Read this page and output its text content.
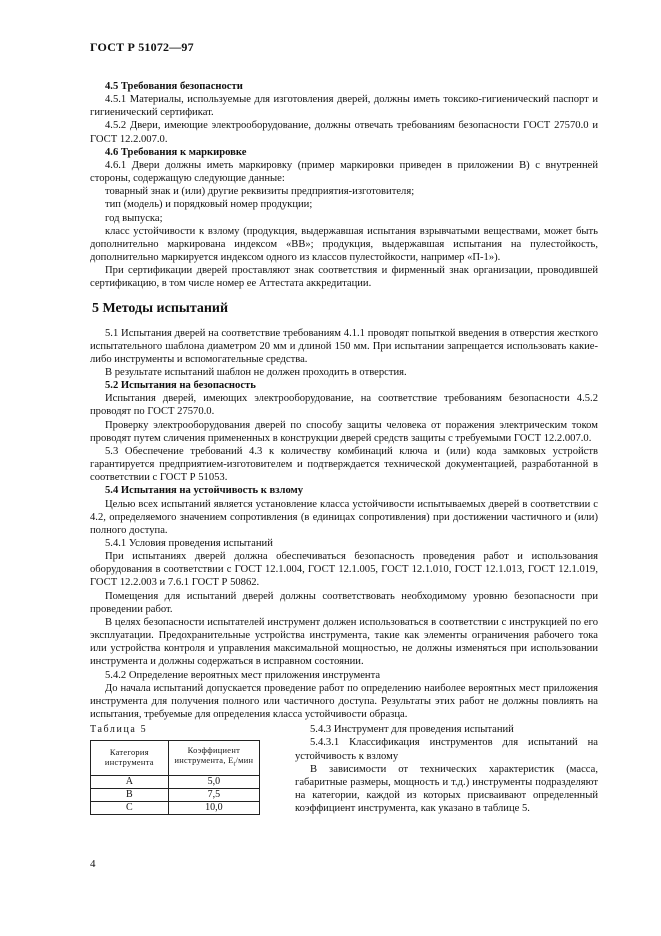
ГОСТ Р 51072—97

4.5 Требования безопасности

4.5.1 Материалы, используемые для изготовления дверей, должны иметь токсико-гигиенический паспорт и гигиенический сертификат.

4.5.2 Двери, имеющие электрооборудование, должны отвечать требованиям безопасности ГОСТ 27570.0 и ГОСТ 12.2.007.0.

4.6 Требования к маркировке

4.6.1 Двери должны иметь маркировку (пример маркировки приведен в приложении В) с внутренней стороны, содержащую следующие данные:

товарный знак и (или) другие реквизиты предприятия-изготовителя;

тип (модель) и порядковый номер продукции;

год выпуска;

класс устойчивости к взлому (продукция, выдержавшая испытания взрывчатыми веществами, может быть дополнительно маркирована индексом «ВВ»; продукция, выдержавшая испытания на пулестойкость, дополнительно маркируется индексом одного из классов пулестойкости, например «П-1»).

При сертификации дверей проставляют знак соответствия и фирменный знак организации, проводившей сертификацию, в том числе номер ее Аттестата аккредитации.

5 Методы испытаний

5.1 Испытания дверей на соответствие требованиям 4.1.1 проводят попыткой введения в отверстия жесткого испытательного шаблона диаметром 20 мм и длиной 150 мм. При испытании запрещается использовать какие-либо инструменты и вспомогательные средства.

В результате испытаний шаблон не должен проходить в отверстия.

5.2 Испытания на безопасность

Испытания дверей, имеющих электрооборудование, на соответствие требованиям безопасности 4.5.2 проводят по ГОСТ 27570.0.

Проверку электрооборудования дверей по способу защиты человека от поражения электрическим током проводят путем сличения примененных в конструкции дверей средств защиты с требуемыми ГОСТ 12.2.007.0.

5.3 Обеспечение требований 4.3 к количеству комбинаций ключа и (или) кода замковых устройств гарантируется предприятием-изготовителем и подтверждается технической документацией, разработанной в соответствии с ГОСТ Р 51053.

5.4 Испытания на устойчивость к взлому

Целью всех испытаний является установление класса устойчивости испытываемых дверей в соответствии с 4.2, определяемого значением сопротивления (в единицах сопротивления) при достижении частичного и (или) полного доступа.

5.4.1 Условия проведения испытаний

При испытаниях дверей должна обеспечиваться безопасность проведения работ и использования оборудования в соответствии с ГОСТ 12.1.004, ГОСТ 12.1.005, ГОСТ 12.1.010, ГОСТ 12.1.013, ГОСТ 12.1.019, ГОСТ 12.2.003 и 7.6.1 ГОСТ Р 50862.

Помещения для испытаний дверей должны соответствовать необходимому уровню безопасности при проведении работ.

В целях безопасности испытателей инструмент должен использоваться в соответствии с инструкцией по его эксплуатации. Предохранительные устройства инструмента, такие как элементы ограничения рабочего тока или устройства контроля и управления максимальной мощностью, не должны изменяться при использовании инструмента и должны содержаться в исправном состоянии.

5.4.2 Определение вероятных мест приложения инструмента

До начала испытаний допускается проведение работ по определению наиболее вероятных мест приложения инструмента для получения полного или частичного доступа. Результаты этих работ не должны повлиять на испытания, требуемые для определения класса устойчивости образца.

Таблица 5
Категория инструмента	Коэффициент инструмента, $E_t$/мин
A	5,0
B	7,5
C	10,0

5.4.3 Инструмент для проведения испытаний

5.4.3.1 Классификация инструментов для испытаний на устойчивость к взлому

В зависимости от технических характеристик (масса, габаритные размеры, мощность и т.д.) инструменты подразделяют на категории, каждой из которых присваивают определенный коэффициент инструмента, как указано в таблице 5.

4
